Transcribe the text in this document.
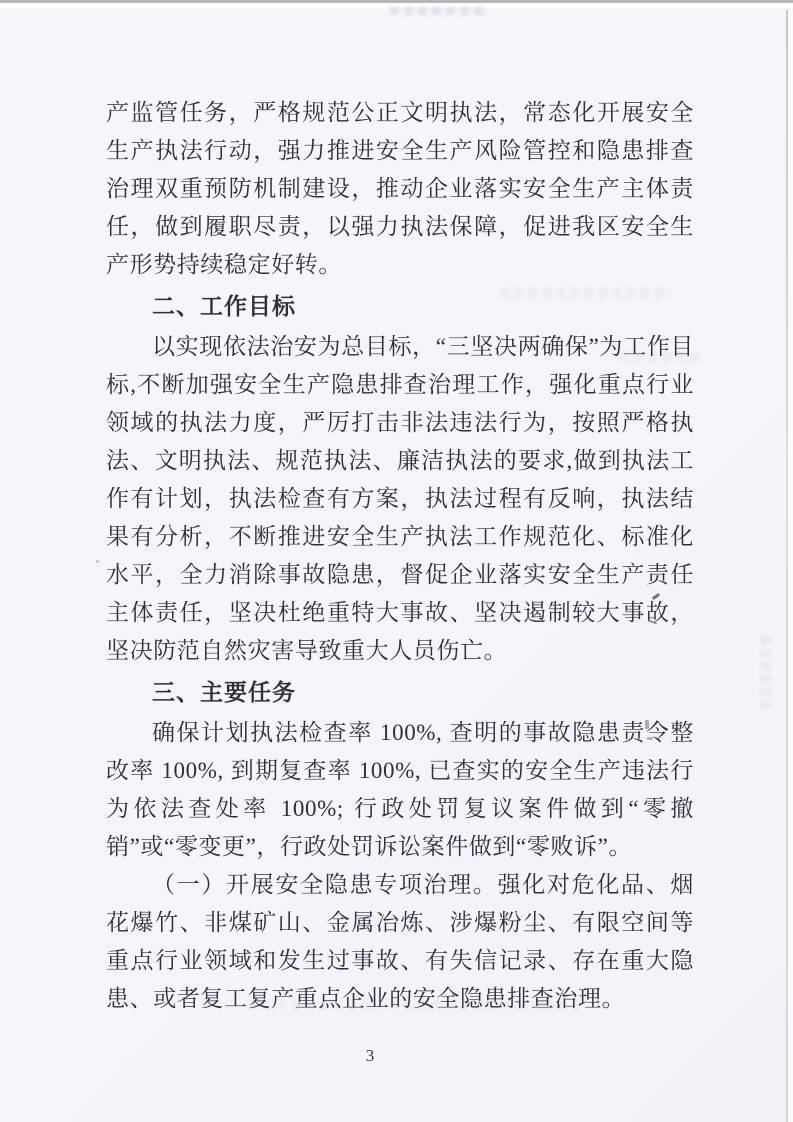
产监管任务，严格规范公正文明执法，常态化开展安全生产执法行动，强力推进安全生产风险管控和隐患排查治理双重预防机制建设，推动企业落实安全生产主体责任，做到履职尽责，以强力执法保障，促进我区安全生产形势持续稳定好转。

二、工作目标

以实现依法治安为总目标，“三坚决两确保”为工作目标,不断加强安全生产隐患排查治理工作，强化重点行业领域的执法力度，严厉打击非法违法行为，按照严格执法、文明执法、规范执法、廉洁执法的要求,做到执法工作有计划，执法检查有方案，执法过程有反响，执法结果有分析，不断推进安全生产执法工作规范化、标准化水平，全力消除事故隐患，督促企业落实安全生产责任主体责任，坚决杜绝重特大事故、坚决遏制较大事故，坚决防范自然灾害导致重大人员伤亡。

三、主要任务

确保计划执法检查率 100%, 查明的事故隐患责令整改率 100%, 到期复查率 100%, 已查实的安全生产违法行为依法查处率 100%; 行政处罚复议案件做到“零撤销”或“零变更”，行政处罚诉讼案件做到“零败诉”。

（一）开展安全隐患专项治理。强化对危化品、烟花爆竹、非煤矿山、金属冶炼、涉爆粉尘、有限空间等重点行业领域和发生过事故、有失信记录、存在重大隐患、或者复工复产重点企业的安全隐患排查治理。

3
